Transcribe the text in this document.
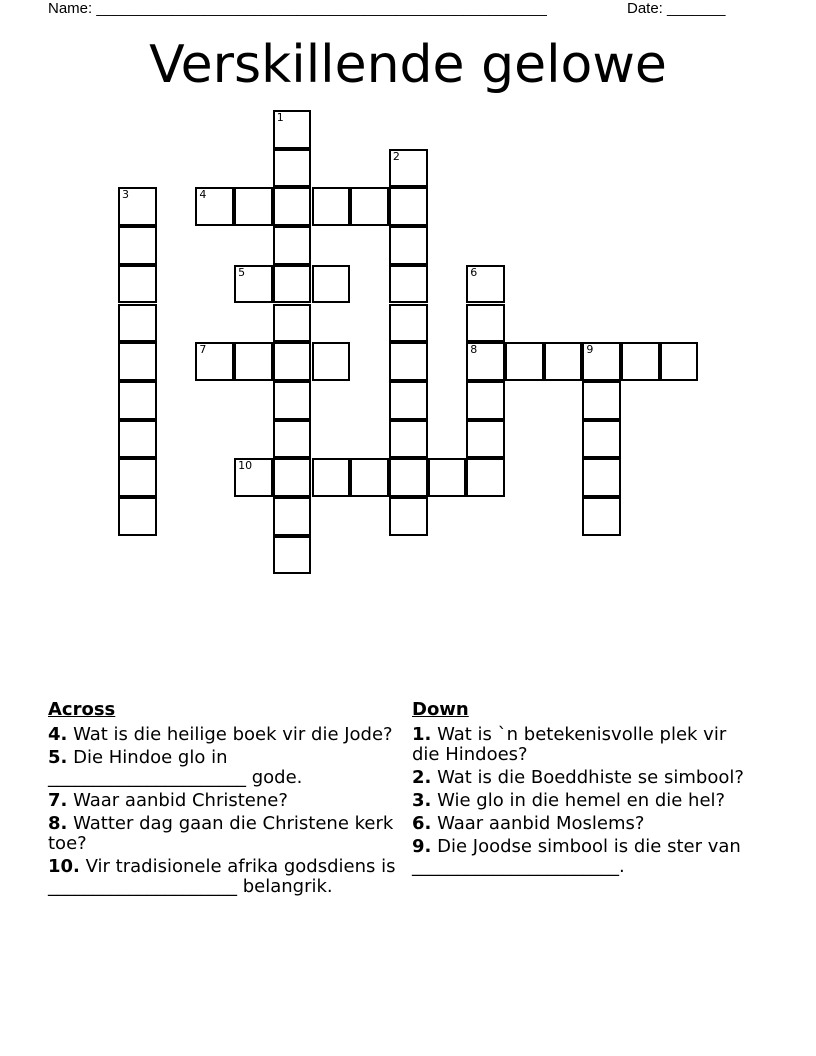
Name: ______________________________________________________	Date: _______
Verskillende gelowe
1
2
3	4
5	6
7	8	9
10
Across
4. Wat is die heilige boek vir die Jode?
5. Die Hindoe glo in ______________________ gode.
7. Waar aanbid Christene?
8. Watter dag gaan die Christene kerk toe?
10. Vir tradisionele afrika godsdiens is _____________________ belangrik.
Down
1. Wat is `n betekenisvolle plek vir die Hindoes?
2. Wat is die Boeddhiste se simbool?
3. Wie glo in die hemel en die hel?
6. Waar aanbid Moslems?
9. Die Joodse simbool is die ster van _______________________.
